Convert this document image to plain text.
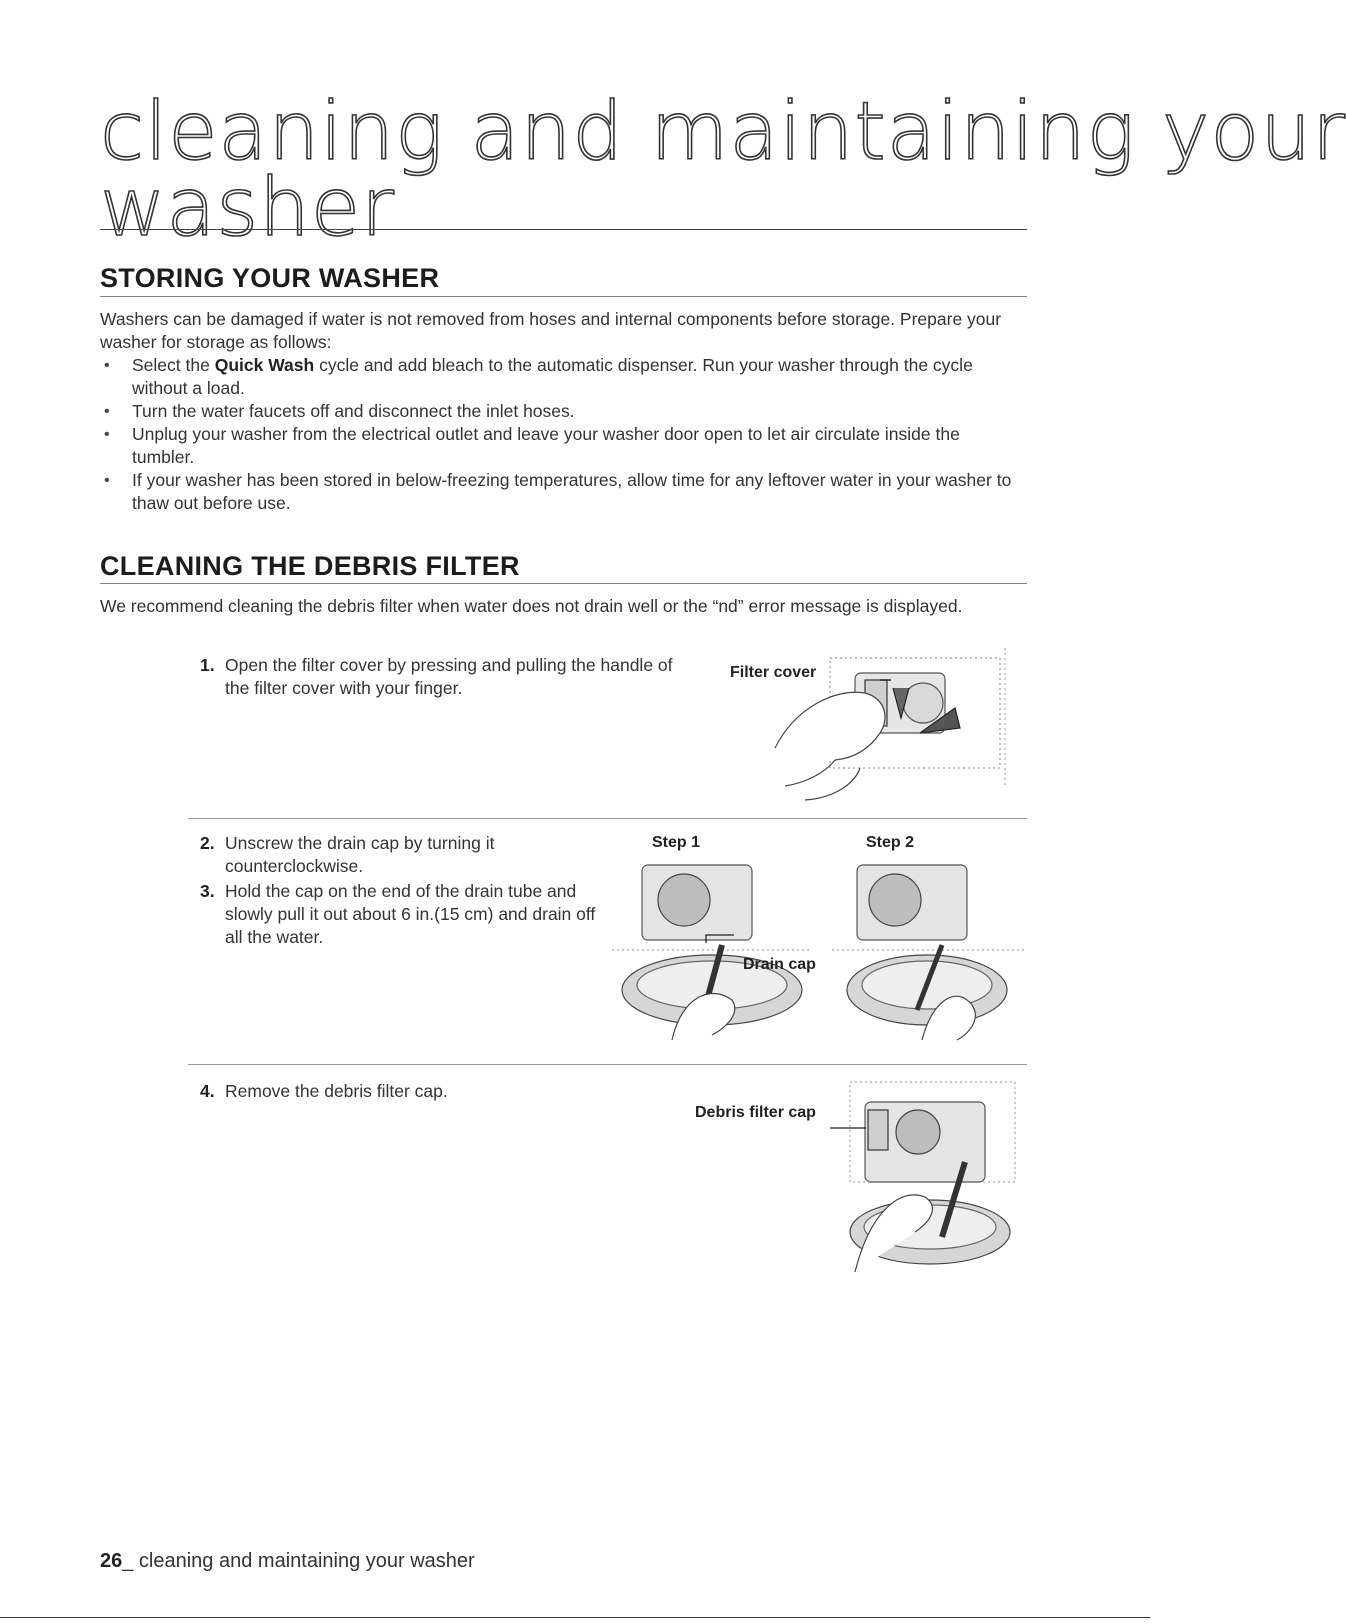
cleaning and maintaining your
washer
STORING YOUR WASHER
Washers can be damaged if water is not removed from hoses and internal components before storage. Prepare your washer for storage as follows:
• Select the Quick Wash cycle and add bleach to the automatic dispenser. Run your washer through the cycle without a load.
• Turn the water faucets off and disconnect the inlet hoses.
• Unplug your washer from the electrical outlet and leave your washer door open to let air circulate inside the tumbler.
• If your washer has been stored in below-freezing temperatures, allow time for any leftover water in your washer to thaw out before use.
CLEANING THE DEBRIS FILTER
We recommend cleaning the debris filter when water does not drain well or the “nd” error message is displayed.
1. Open the filter cover by pressing and pulling the handle of the filter cover with your finger.
Filter cover
2. Unscrew the drain cap by turning it counterclockwise.
3. Hold the cap on the end of the drain tube and slowly pull it out about 6 in.(15 cm) and drain off all the water.
Step 1	Step 2
Drain cap
4. Remove the debris filter cap.
Debris filter cap
26_ cleaning and maintaining your washer
